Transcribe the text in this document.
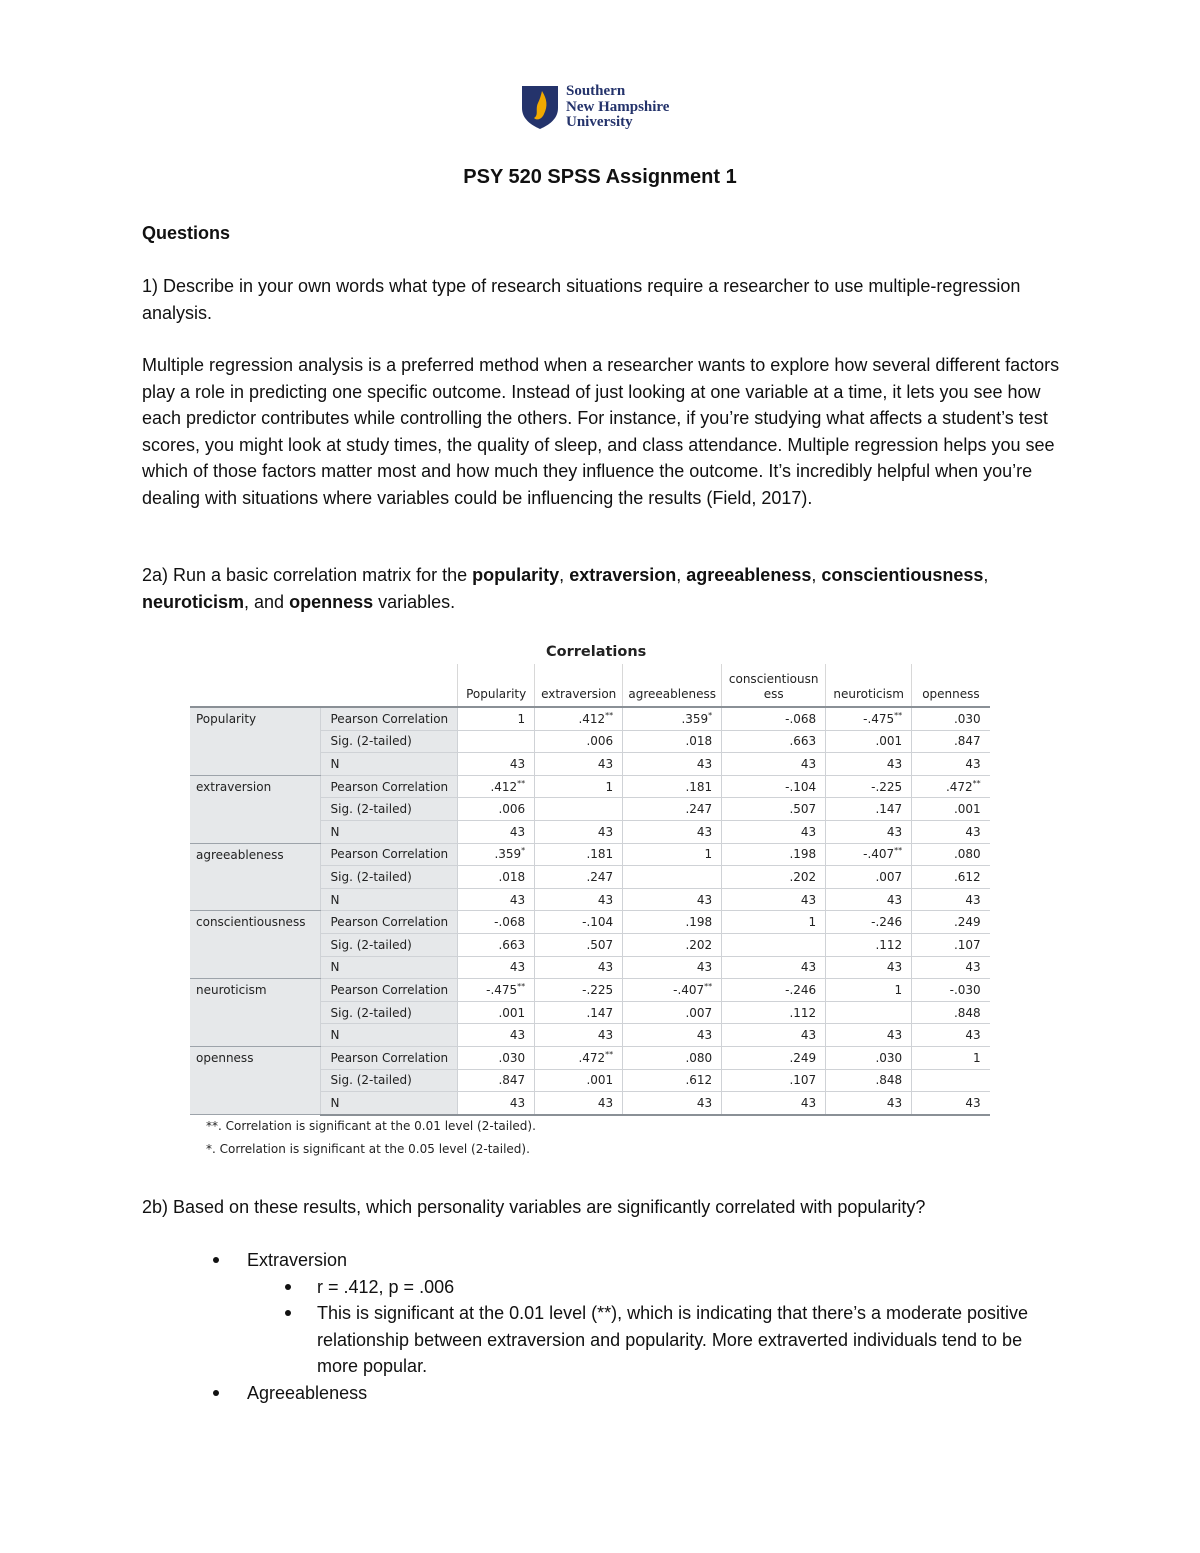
Southern
New Hampshire
University
PSY 520 SPSS Assignment 1
Questions
1) Describe in your own words what type of research situations require a researcher to use multiple-regression analysis.
Multiple regression analysis is a preferred method when a researcher wants to explore how several different factors play a role in predicting one specific outcome. Instead of just looking at one variable at a time, it lets you see how each predictor contributes while controlling the others. For instance, if you’re studying what affects a student’s test scores, you might look at study times, the quality of sleep, and class attendance. Multiple regression helps you see which of those factors matter most and how much they influence the outcome. It’s incredibly helpful when you’re dealing with situations where variables could be influencing the results (Field, 2017).
2a) Run a basic correlation matrix for the popularity, extraversion, agreeableness, conscientiousness, neuroticism, and openness variables.
Correlations
		Popularity	extraversion	agreeableness	conscientiousn ess	neuroticism	openness
Popularity	Pearson Correlation	1	.412**	.359*	-.068	-.475**	.030
	Sig. (2-tailed)		.006	.018	.663	.001	.847
	N	43	43	43	43	43	43
extraversion	Pearson Correlation	.412**	1	.181	-.104	-.225	.472**
	Sig. (2-tailed)	.006		.247	.507	.147	.001
	N	43	43	43	43	43	43
agreeableness	Pearson Correlation	.359*	.181	1	.198	-.407**	.080
	Sig. (2-tailed)	.018	.247		.202	.007	.612
	N	43	43	43	43	43	43
conscientiousness	Pearson Correlation	-.068	-.104	.198	1	-.246	.249
	Sig. (2-tailed)	.663	.507	.202		.112	.107
	N	43	43	43	43	43	43
neuroticism	Pearson Correlation	-.475**	-.225	-.407**	-.246	1	-.030
	Sig. (2-tailed)	.001	.147	.007	.112		.848
	N	43	43	43	43	43	43
openness	Pearson Correlation	.030	.472**	.080	.249	.030	1
	Sig. (2-tailed)	.847	.001	.612	.107	.848	
	N	43	43	43	43	43	43
**. Correlation is significant at the 0.01 level (2-tailed).
*. Correlation is significant at the 0.05 level (2-tailed).
2b) Based on these results, which personality variables are significantly correlated with popularity?
Extraversion
r = .412, p = .006
This is significant at the 0.01 level (**), which is indicating that there’s a moderate positive relationship between extraversion and popularity. More extraverted individuals tend to be more popular.
Agreeableness
